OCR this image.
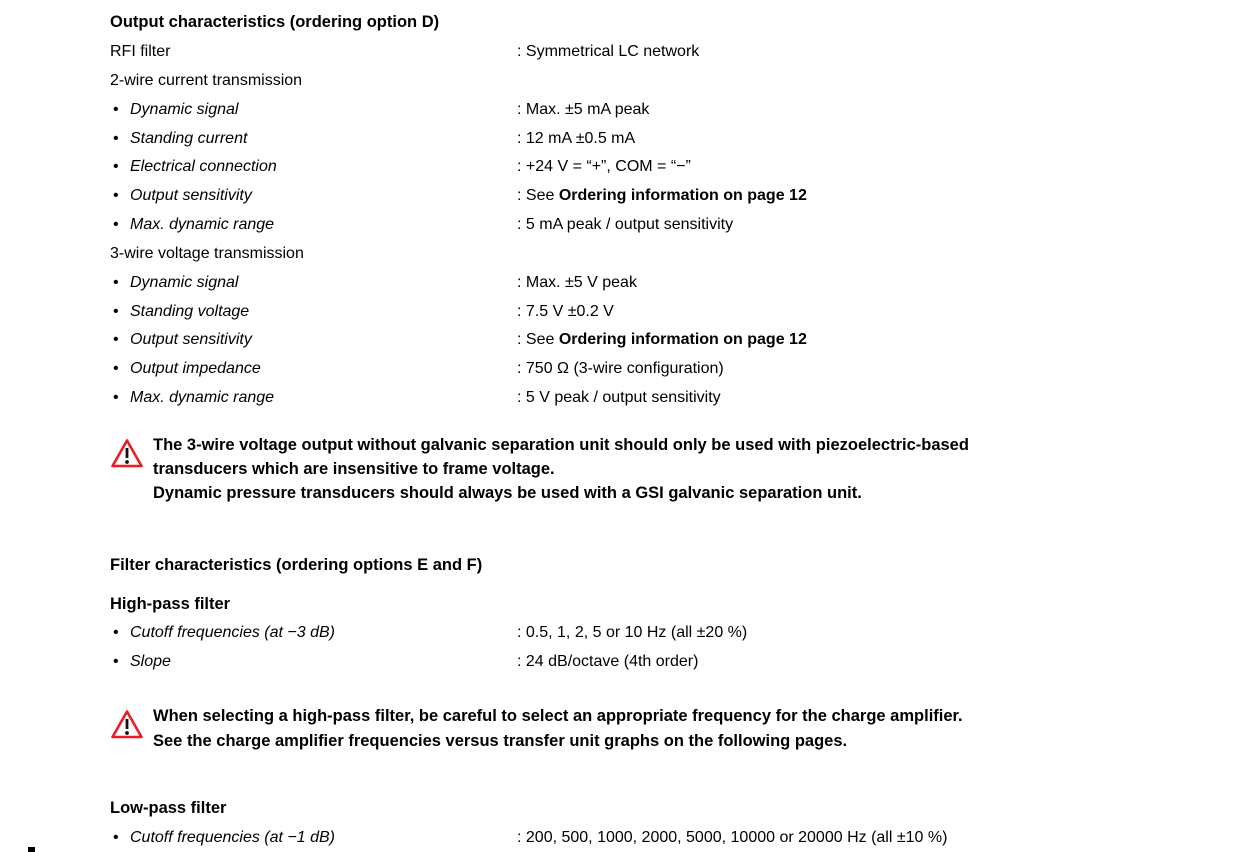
Output characteristics (ordering option D)
RFI filter	: Symmetrical LC network
2-wire current transmission
• Dynamic signal	: Max. ±5 mA peak
• Standing current	: 12 mA ±0.5 mA
• Electrical connection	: +24 V = “+”, COM = “−”
• Output sensitivity	: See Ordering information on page 12
• Max. dynamic range	: 5 mA peak / output sensitivity
3-wire voltage transmission
• Dynamic signal	: Max. ±5 V peak
• Standing voltage	: 7.5 V ±0.2 V
• Output sensitivity	: See Ordering information on page 12
• Output impedance	: 750 Ω (3-wire configuration)
• Max. dynamic range	: 5 V peak / output sensitivity
The 3-wire voltage output without galvanic separation unit should only be used with piezoelectric-based
transducers which are insensitive to frame voltage.
Dynamic pressure transducers should always be used with a GSI galvanic separation unit.
Filter characteristics (ordering options E and F)
High-pass filter
• Cutoff frequencies (at −3 dB)	: 0.5, 1, 2, 5 or 10 Hz (all ±20 %)
• Slope	: 24 dB/octave (4th order)
When selecting a high-pass filter, be careful to select an appropriate frequency for the charge amplifier.
See the charge amplifier frequencies versus transfer unit graphs on the following pages.
Low-pass filter
• Cutoff frequencies (at −1 dB)	: 200, 500, 1000, 2000, 5000, 10000 or 20000 Hz (all ±10 %)
